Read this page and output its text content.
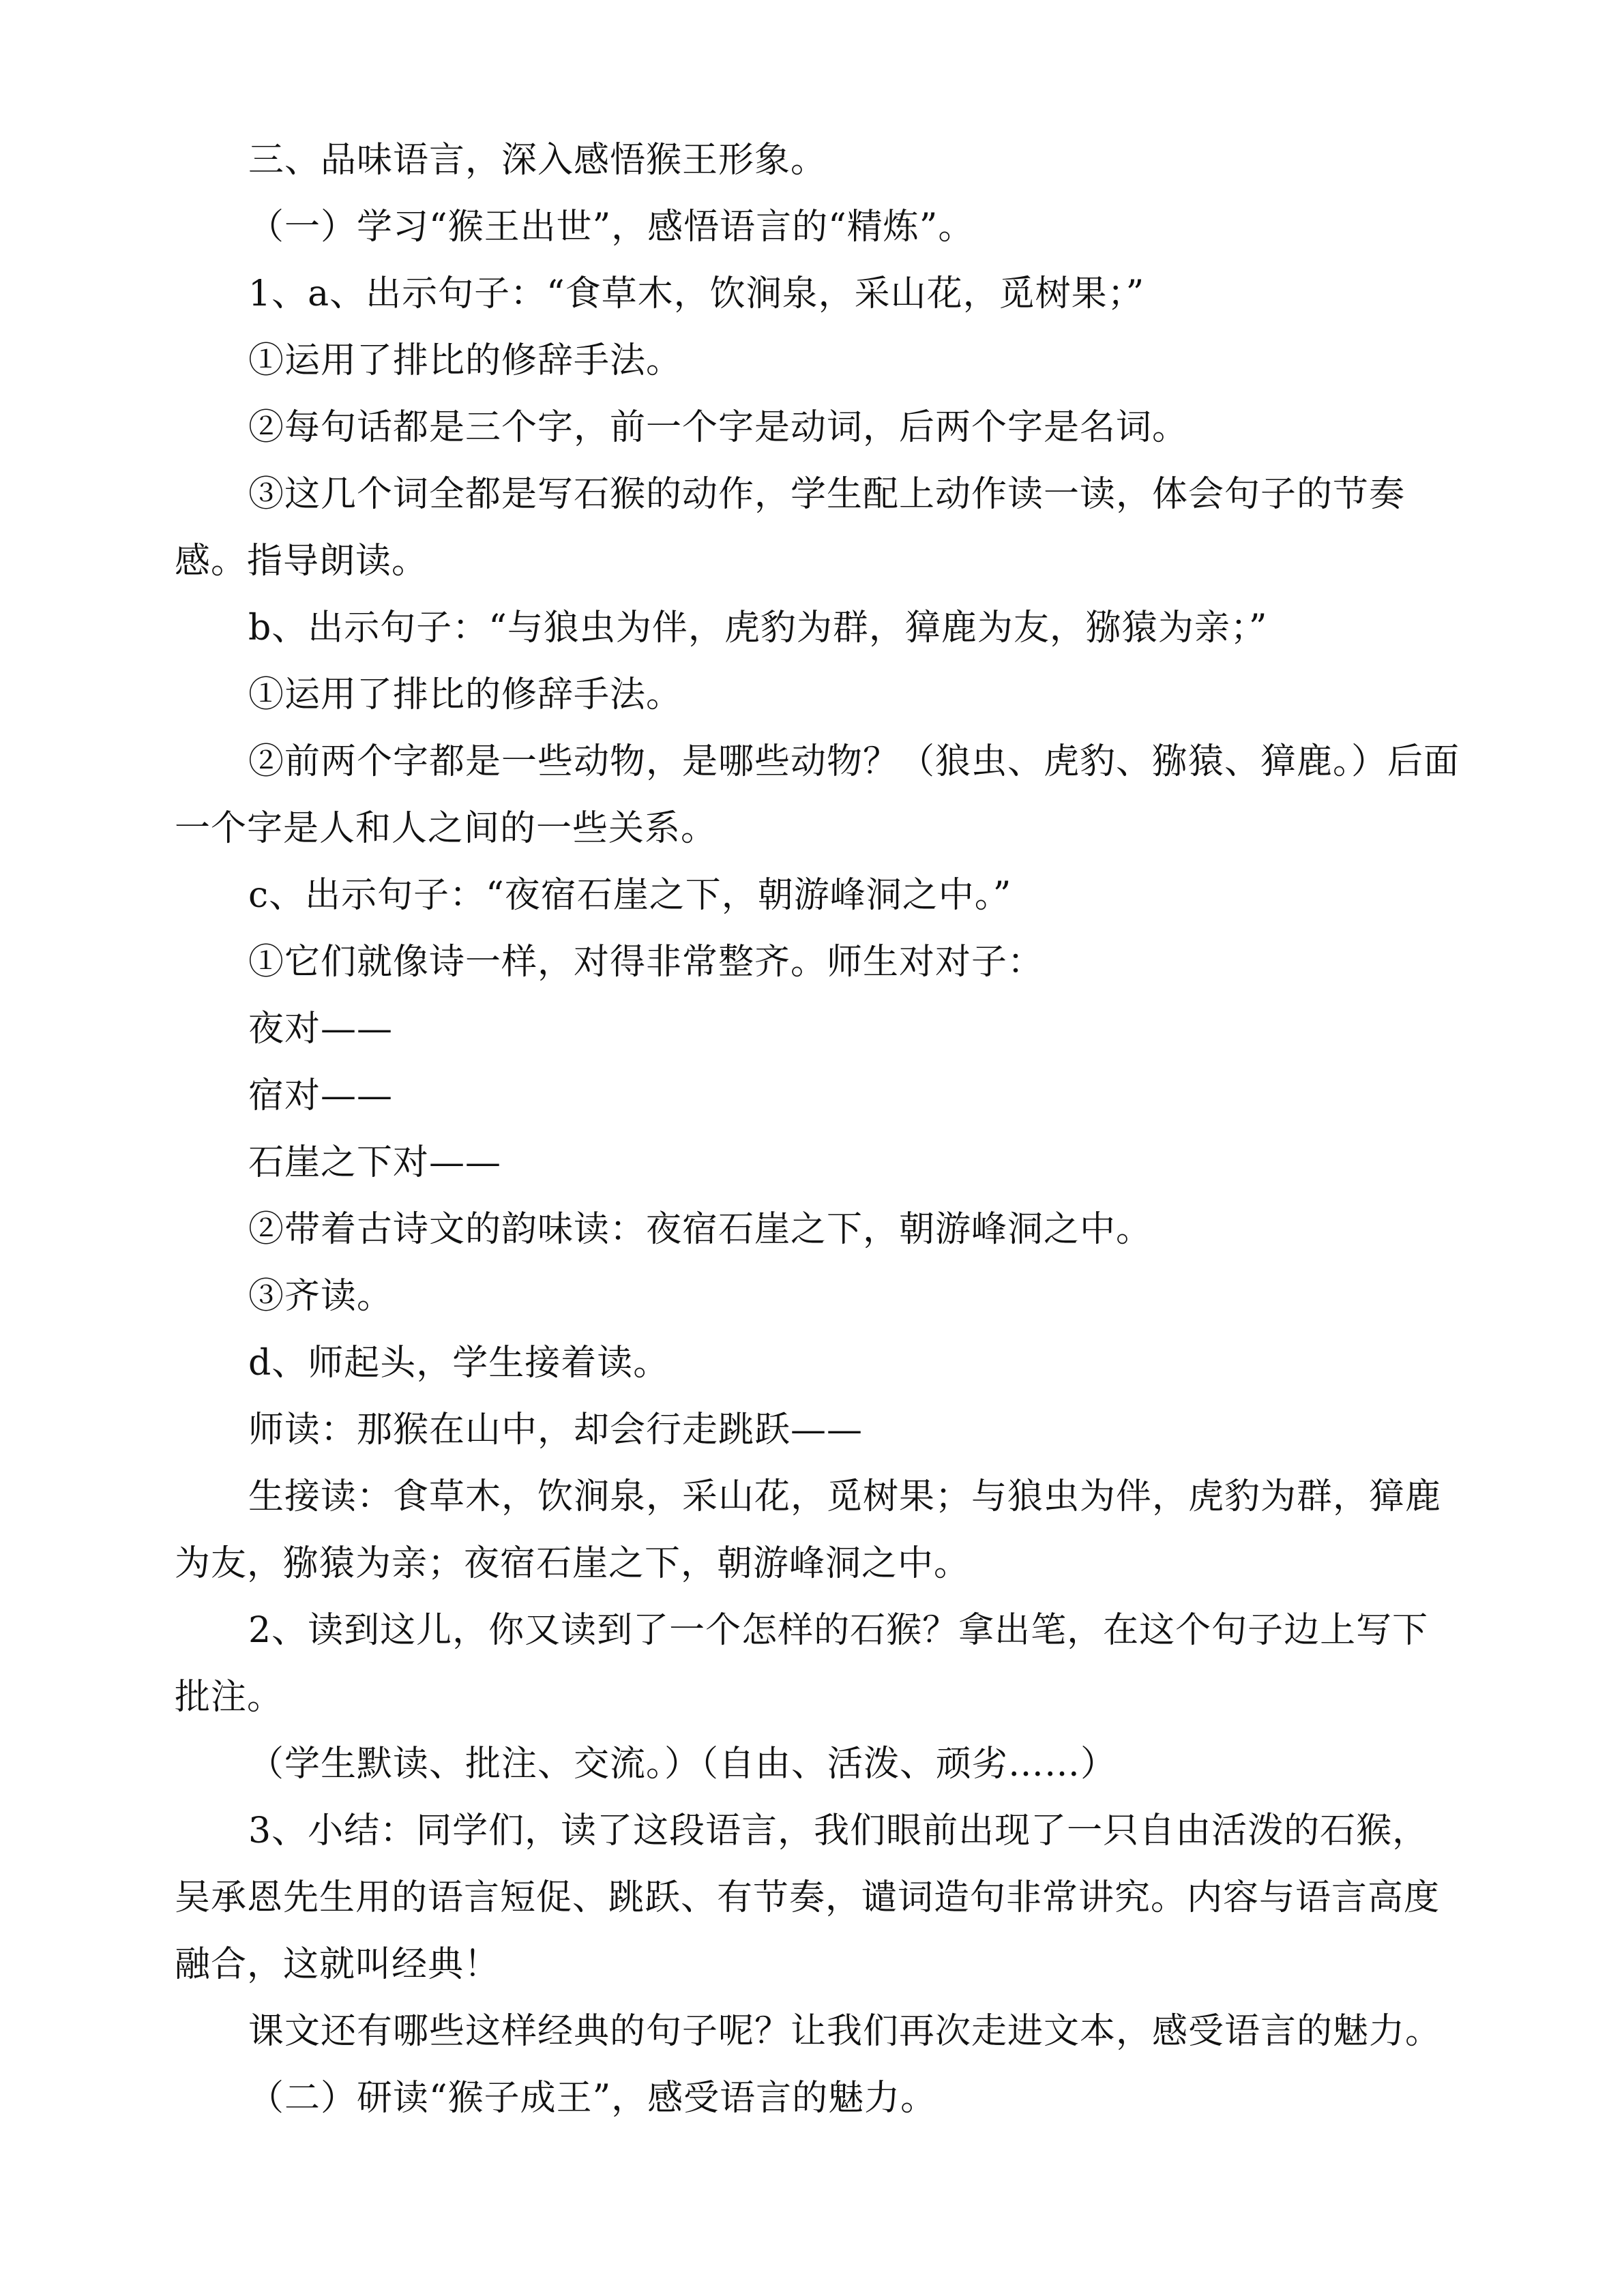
三、品味语言，深入感悟猴王形象。

（一）学习“猴王出世”，感悟语言的“精炼”。

1、a、出示句子：“食草木，饮涧泉，采山花，觅树果；”

①运用了排比的修辞手法。

②每句话都是三个字，前一个字是动词，后两个字是名词。

③这几个词全都是写石猴的动作，学生配上动作读一读，体会句子的节奏感。指导朗读。

b、出示句子：“与狼虫为伴，虎豹为群，獐鹿为友，猕猿为亲；”

①运用了排比的修辞手法。

②前两个字都是一些动物，是哪些动物？（狼虫、虎豹、猕猿、獐鹿。）后面一个字是人和人之间的一些关系。

c、出示句子：“夜宿石崖之下，朝游峰洞之中。”

①它们就像诗一样，对得非常整齐。师生对对子：

夜对——

宿对——

石崖之下对——

②带着古诗文的韵味读：夜宿石崖之下，朝游峰洞之中。

③齐读。

d、师起头，学生接着读。

师读：那猴在山中，却会行走跳跃——

生接读：食草木，饮涧泉，采山花，觅树果；与狼虫为伴，虎豹为群，獐鹿为友，猕猿为亲；夜宿石崖之下，朝游峰洞之中。

2、读到这儿，你又读到了一个怎样的石猴？拿出笔，在这个句子边上写下批注。

（学生默读、批注、交流。）（自由、活泼、顽劣……）

3、小结：同学们，读了这段语言，我们眼前出现了一只自由活泼的石猴，吴承恩先生用的语言短促、跳跃、有节奏，谴词造句非常讲究。内容与语言高度融合，这就叫经典！

课文还有哪些这样经典的句子呢？让我们再次走进文本，感受语言的魅力。

（二）研读“猴子成王”，感受语言的魅力。
